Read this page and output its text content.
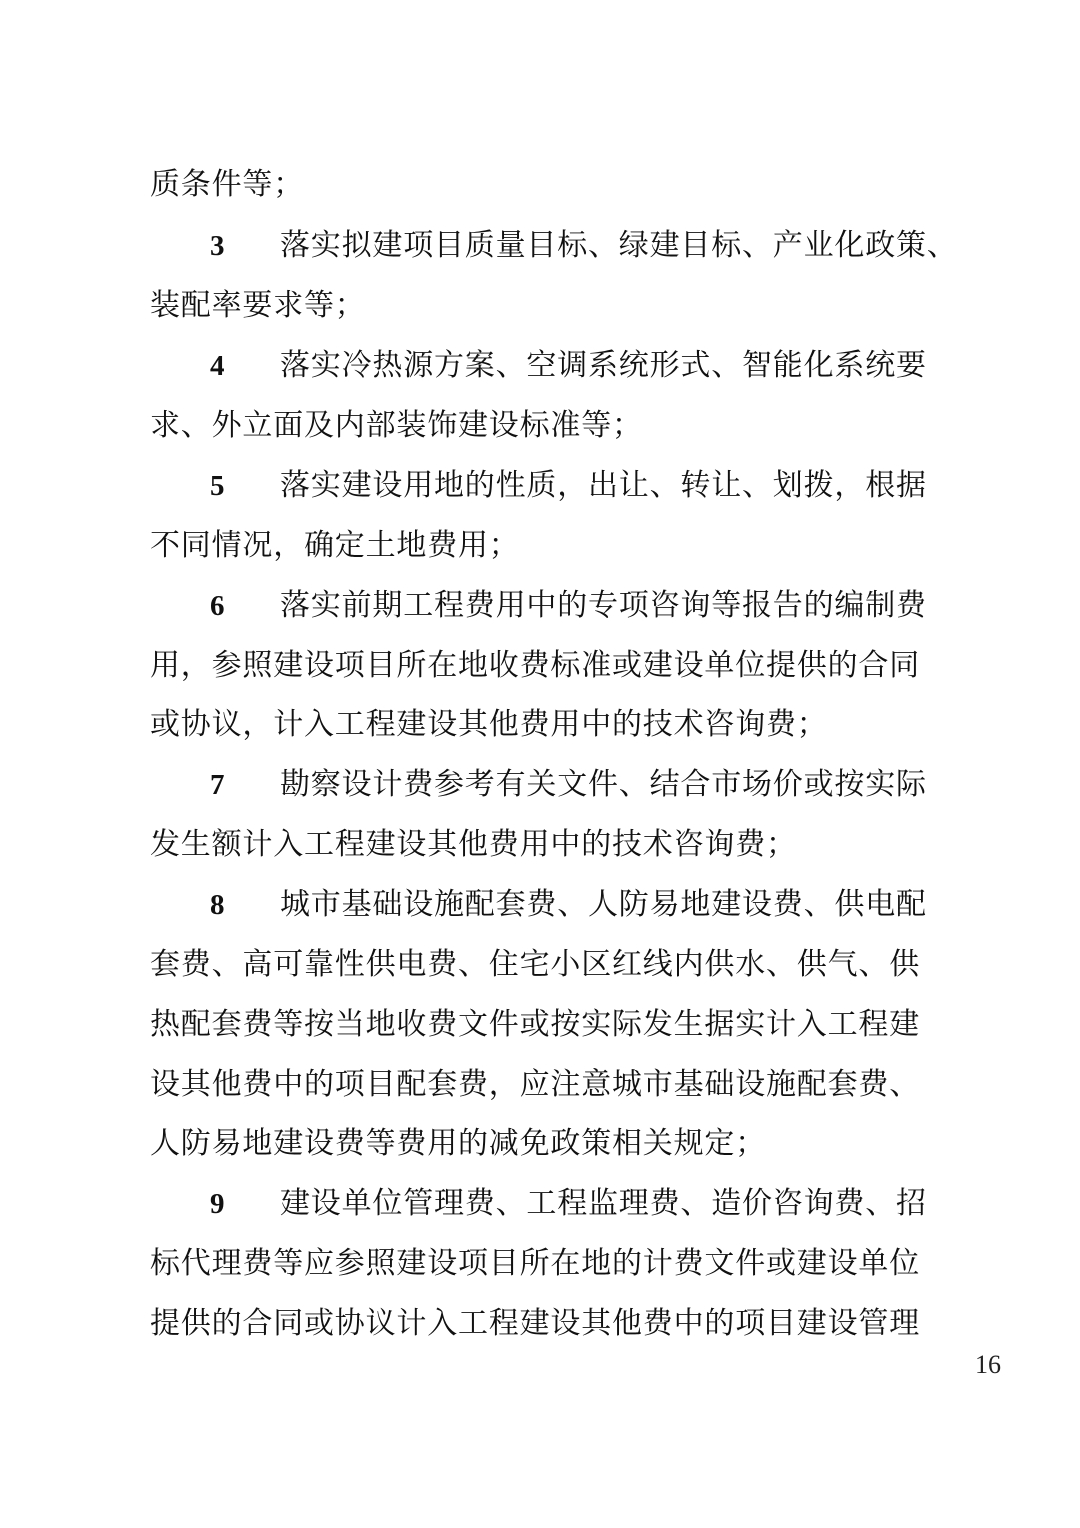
质条件等；
3 落实拟建项目质量目标、绿建目标、产业化政策、
装配率要求等；
4 落实冷热源方案、空调系统形式、智能化系统要
求、外立面及内部装饰建设标准等；
5 落实建设用地的性质，出让、转让、划拨，根据
不同情况，确定土地费用；
6 落实前期工程费用中的专项咨询等报告的编制费
用，参照建设项目所在地收费标准或建设单位提供的合同
或协议，计入工程建设其他费用中的技术咨询费；
7 勘察设计费参考有关文件、结合市场价或按实际
发生额计入工程建设其他费用中的技术咨询费；
8 城市基础设施配套费、人防易地建设费、供电配
套费、高可靠性供电费、住宅小区红线内供水、供气、供
热配套费等按当地收费文件或按实际发生据实计入工程建
设其他费中的项目配套费，应注意城市基础设施配套费、
人防易地建设费等费用的减免政策相关规定；
9 建设单位管理费、工程监理费、造价咨询费、招
标代理费等应参照建设项目所在地的计费文件或建设单位
提供的合同或协议计入工程建设其他费中的项目建设管理
16
